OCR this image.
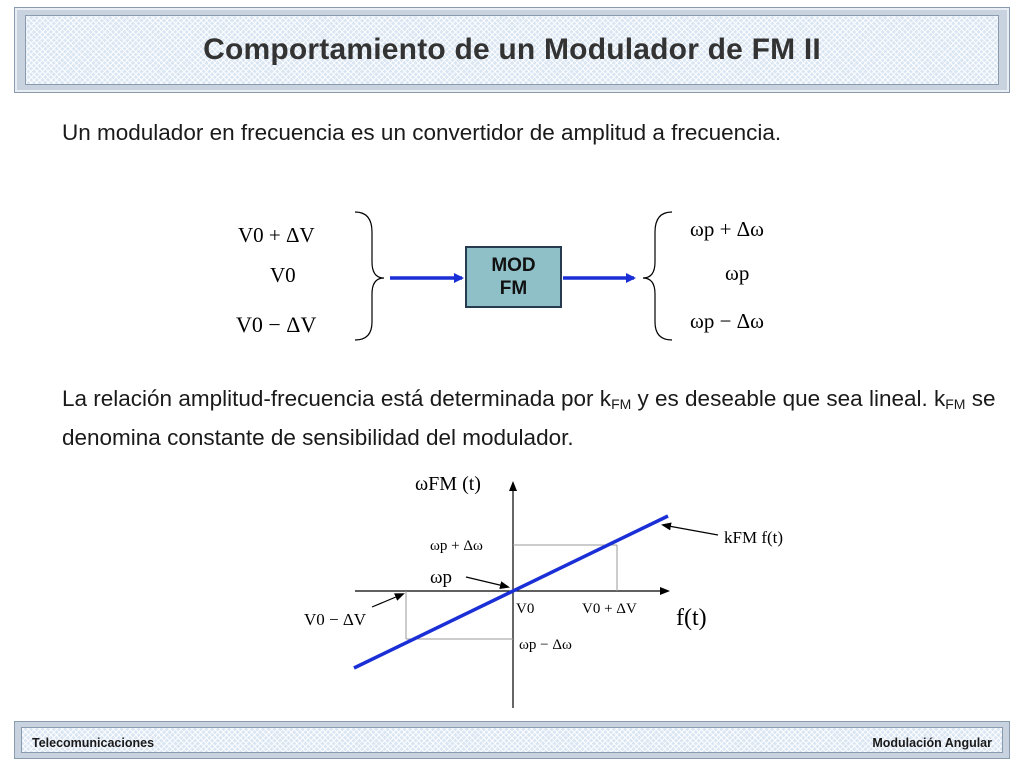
Comportamiento de un Modulador de FM II
Un modulador en frecuencia es un convertidor de amplitud a frecuencia.
V0 + ΔV
V0
V0 − ΔV
ωp + Δω
ωp
ωp − Δω
ωFM (t)
f(t)
kFM f(t)
ωp + Δω
ωp
ωp − Δω
V0	V0 + ΔV
V0 − ΔV
MOD
FM
La relación amplitud-frecuencia está determinada por $k_{FM}$ y es deseable que sea lineal. $k_{FM}$ se denomina constante de sensibilidad del modulador.
Telecomunicaciones	Modulación Angular
